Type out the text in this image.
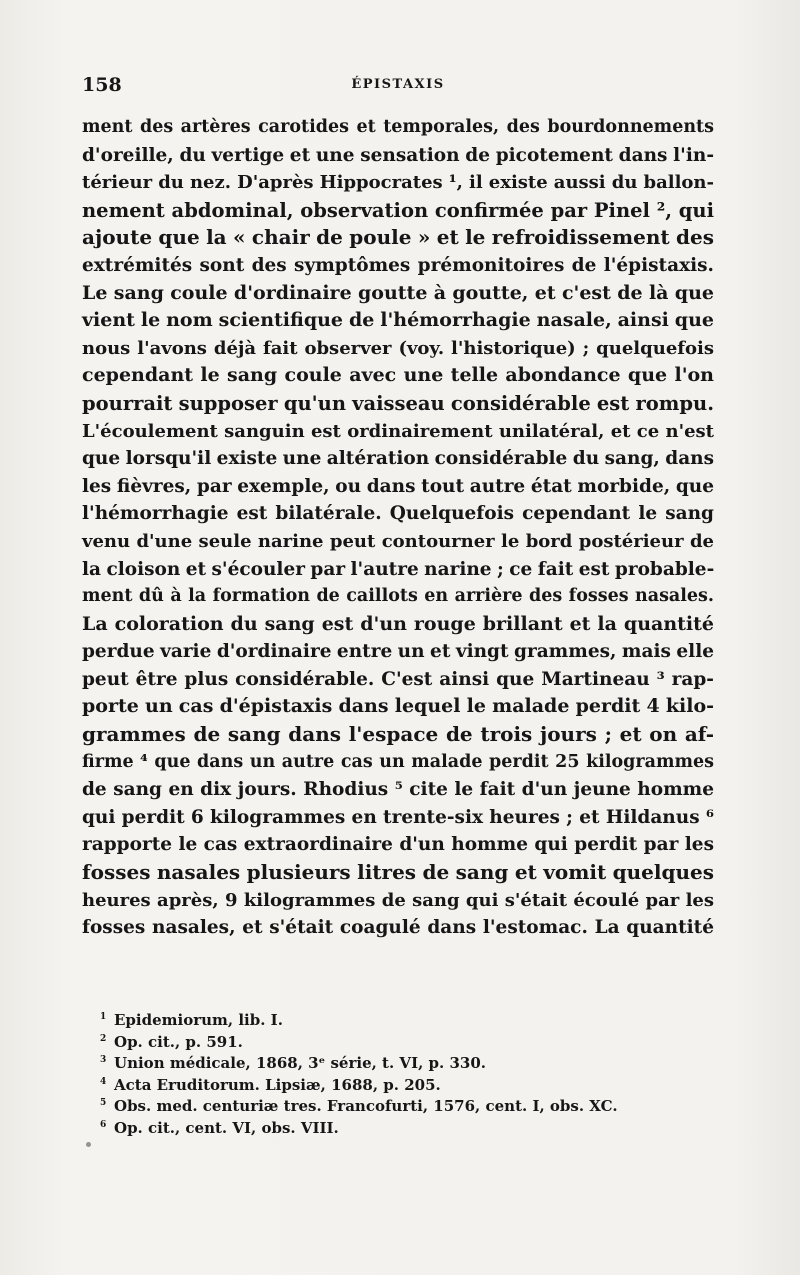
158	ÉPISTAXIS
ment des artères carotides et temporales, des bourdonnements
d'oreille, du vertige et une sensation de picotement dans l'in-
térieur du nez. D'après Hippocrates ¹, il existe aussi du ballon-
nement abdominal, observation confirmée par Pinel ², qui
ajoute que la « chair de poule » et le refroidissement des
extrémités sont des symptômes prémonitoires de l'épistaxis.
Le sang coule d'ordinaire goutte à goutte, et c'est de là que
vient le nom scientifique de l'hémorrhagie nasale, ainsi que
nous l'avons déjà fait observer (voy. l'historique) ; quelquefois
cependant le sang coule avec une telle abondance que l'on
pourrait supposer qu'un vaisseau considérable est rompu.
L'écoulement sanguin est ordinairement unilatéral, et ce n'est
que lorsqu'il existe une altération considérable du sang, dans
les fièvres, par exemple, ou dans tout autre état morbide, que
l'hémorrhagie est bilatérale. Quelquefois cependant le sang
venu d'une seule narine peut contourner le bord postérieur de
la cloison et s'écouler par l'autre narine ; ce fait est probable-
ment dû à la formation de caillots en arrière des fosses nasales.
La coloration du sang est d'un rouge brillant et la quantité
perdue varie d'ordinaire entre un et vingt grammes, mais elle
peut être plus considérable. C'est ainsi que Martineau ³ rap-
porte un cas d'épistaxis dans lequel le malade perdit 4 kilo-
grammes de sang dans l'espace de trois jours ; et on af-
firme ⁴ que dans un autre cas un malade perdit 25 kilogrammes
de sang en dix jours. Rhodius ⁵ cite le fait d'un jeune homme
qui perdit 6 kilogrammes en trente-six heures ; et Hildanus ⁶
rapporte le cas extraordinaire d'un homme qui perdit par les
fosses nasales plusieurs litres de sang et vomit quelques
heures après, 9 kilogrammes de sang qui s'était écoulé par les
fosses nasales, et s'était coagulé dans l'estomac. La quantité
1 Epidemiorum, lib. I.
2 Op. cit., p. 591.
3 Union médicale, 1868, 3ᵉ série, t. VI, p. 330.
4 Acta Eruditorum. Lipsiæ, 1688, p. 205.
5 Obs. med. centuriæ tres. Francofurti, 1576, cent. I, obs. XC.
6 Op. cit., cent. VI, obs. VIII.
